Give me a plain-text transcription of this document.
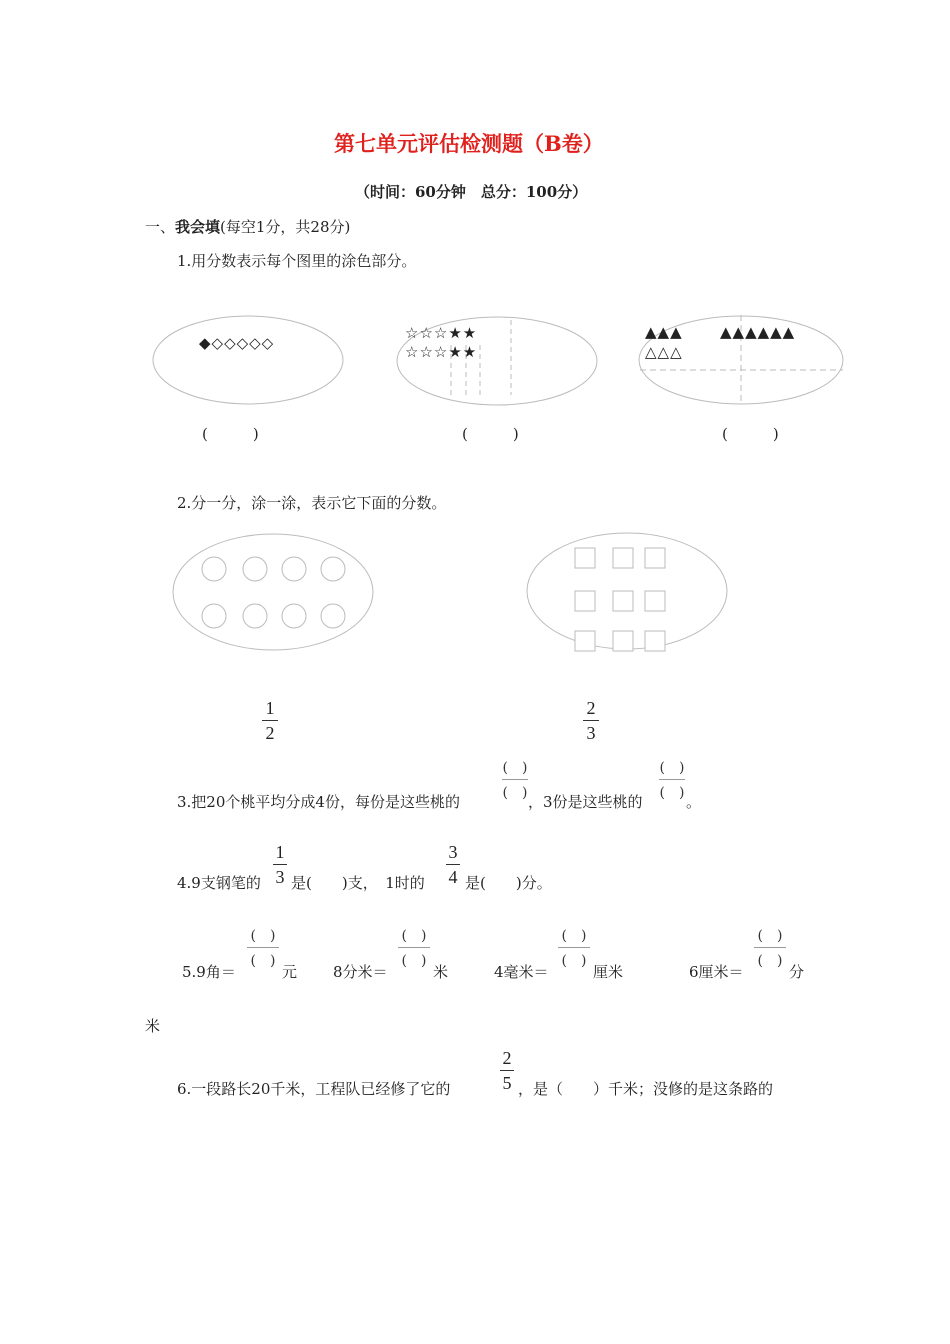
第七单元评估检测题（B卷）
（时间：60分钟　总分：100分）
一、我会填(每空1分，共28分)
1.用分数表示每个图里的涂色部分。
◆◇◇◇◇◇
☆☆☆★★
☆☆☆★★
▲▲▲ ▲▲▲▲▲▲
△△△
(　　　)	(　　　)	(　　　)
2.分一分，涂一涂，表示它下面的分数。
1
2
2
3
3.把20个桃平均分成4份，每份是这些桃的
(　)
(　) ，3份是这些桃的
(　)
(　) 。
4.9支钢笔的
1
3 是(　　)支，　1时的
3
4 是(　　)分。
5.9角＝
(　)
(　)
元 8分米＝
(　)
(　)
米	4毫米＝
(　)
(　)
厘米	6厘米＝
(　)
(　)
分
米
6.一段路长20千米，工程队已经修了它的
2
5 ，是（　　）千米；没修的是这条路的
